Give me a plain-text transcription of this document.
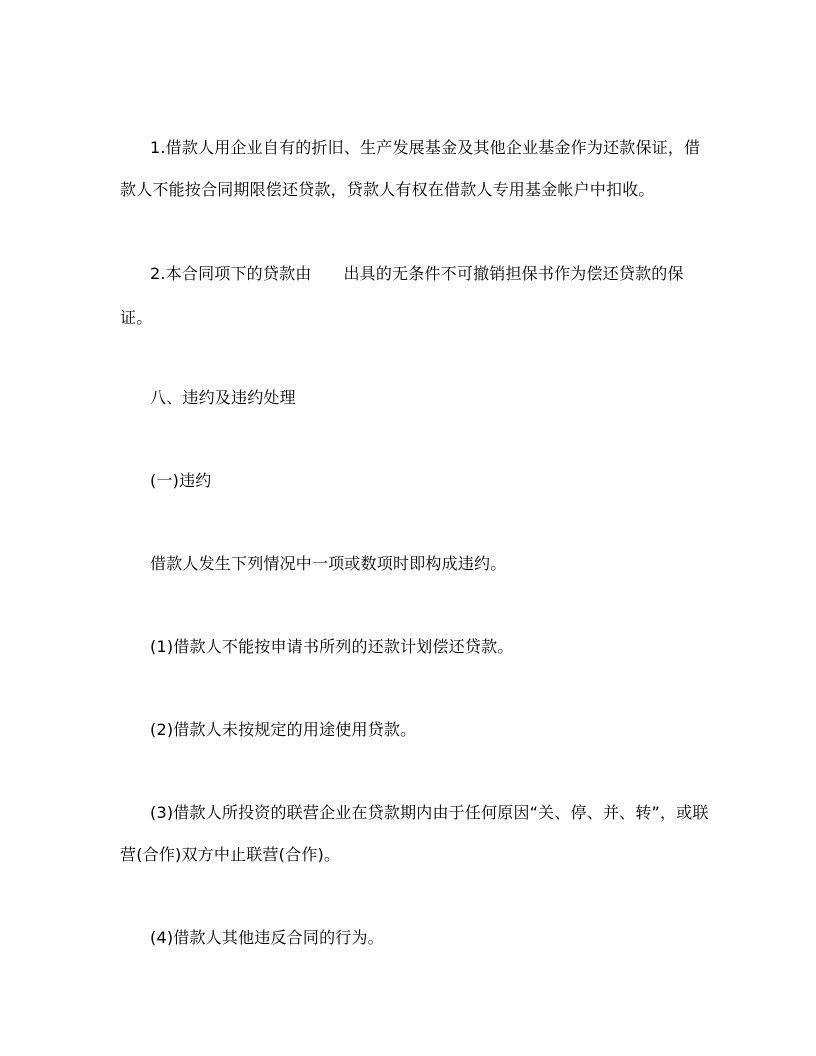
1.借款人用企业自有的折旧、生产发展基金及其他企业基金作为还款保证，借
款人不能按合同期限偿还贷款，贷款人有权在借款人专用基金帐户中扣收。
2.本合同项下的贷款由 出具的无条件不可撤销担保书作为偿还贷款的保
证。
八、违约及违约处理
(一)违约
借款人发生下列情况中一项或数项时即构成违约。
(1)借款人不能按申请书所列的还款计划偿还贷款。
(2)借款人未按规定的用途使用贷款。
(3)借款人所投资的联营企业在贷款期内由于任何原因“关、停、并、转”，或联
营(合作)双方中止联营(合作)。
(4)借款人其他违反合同的行为。
